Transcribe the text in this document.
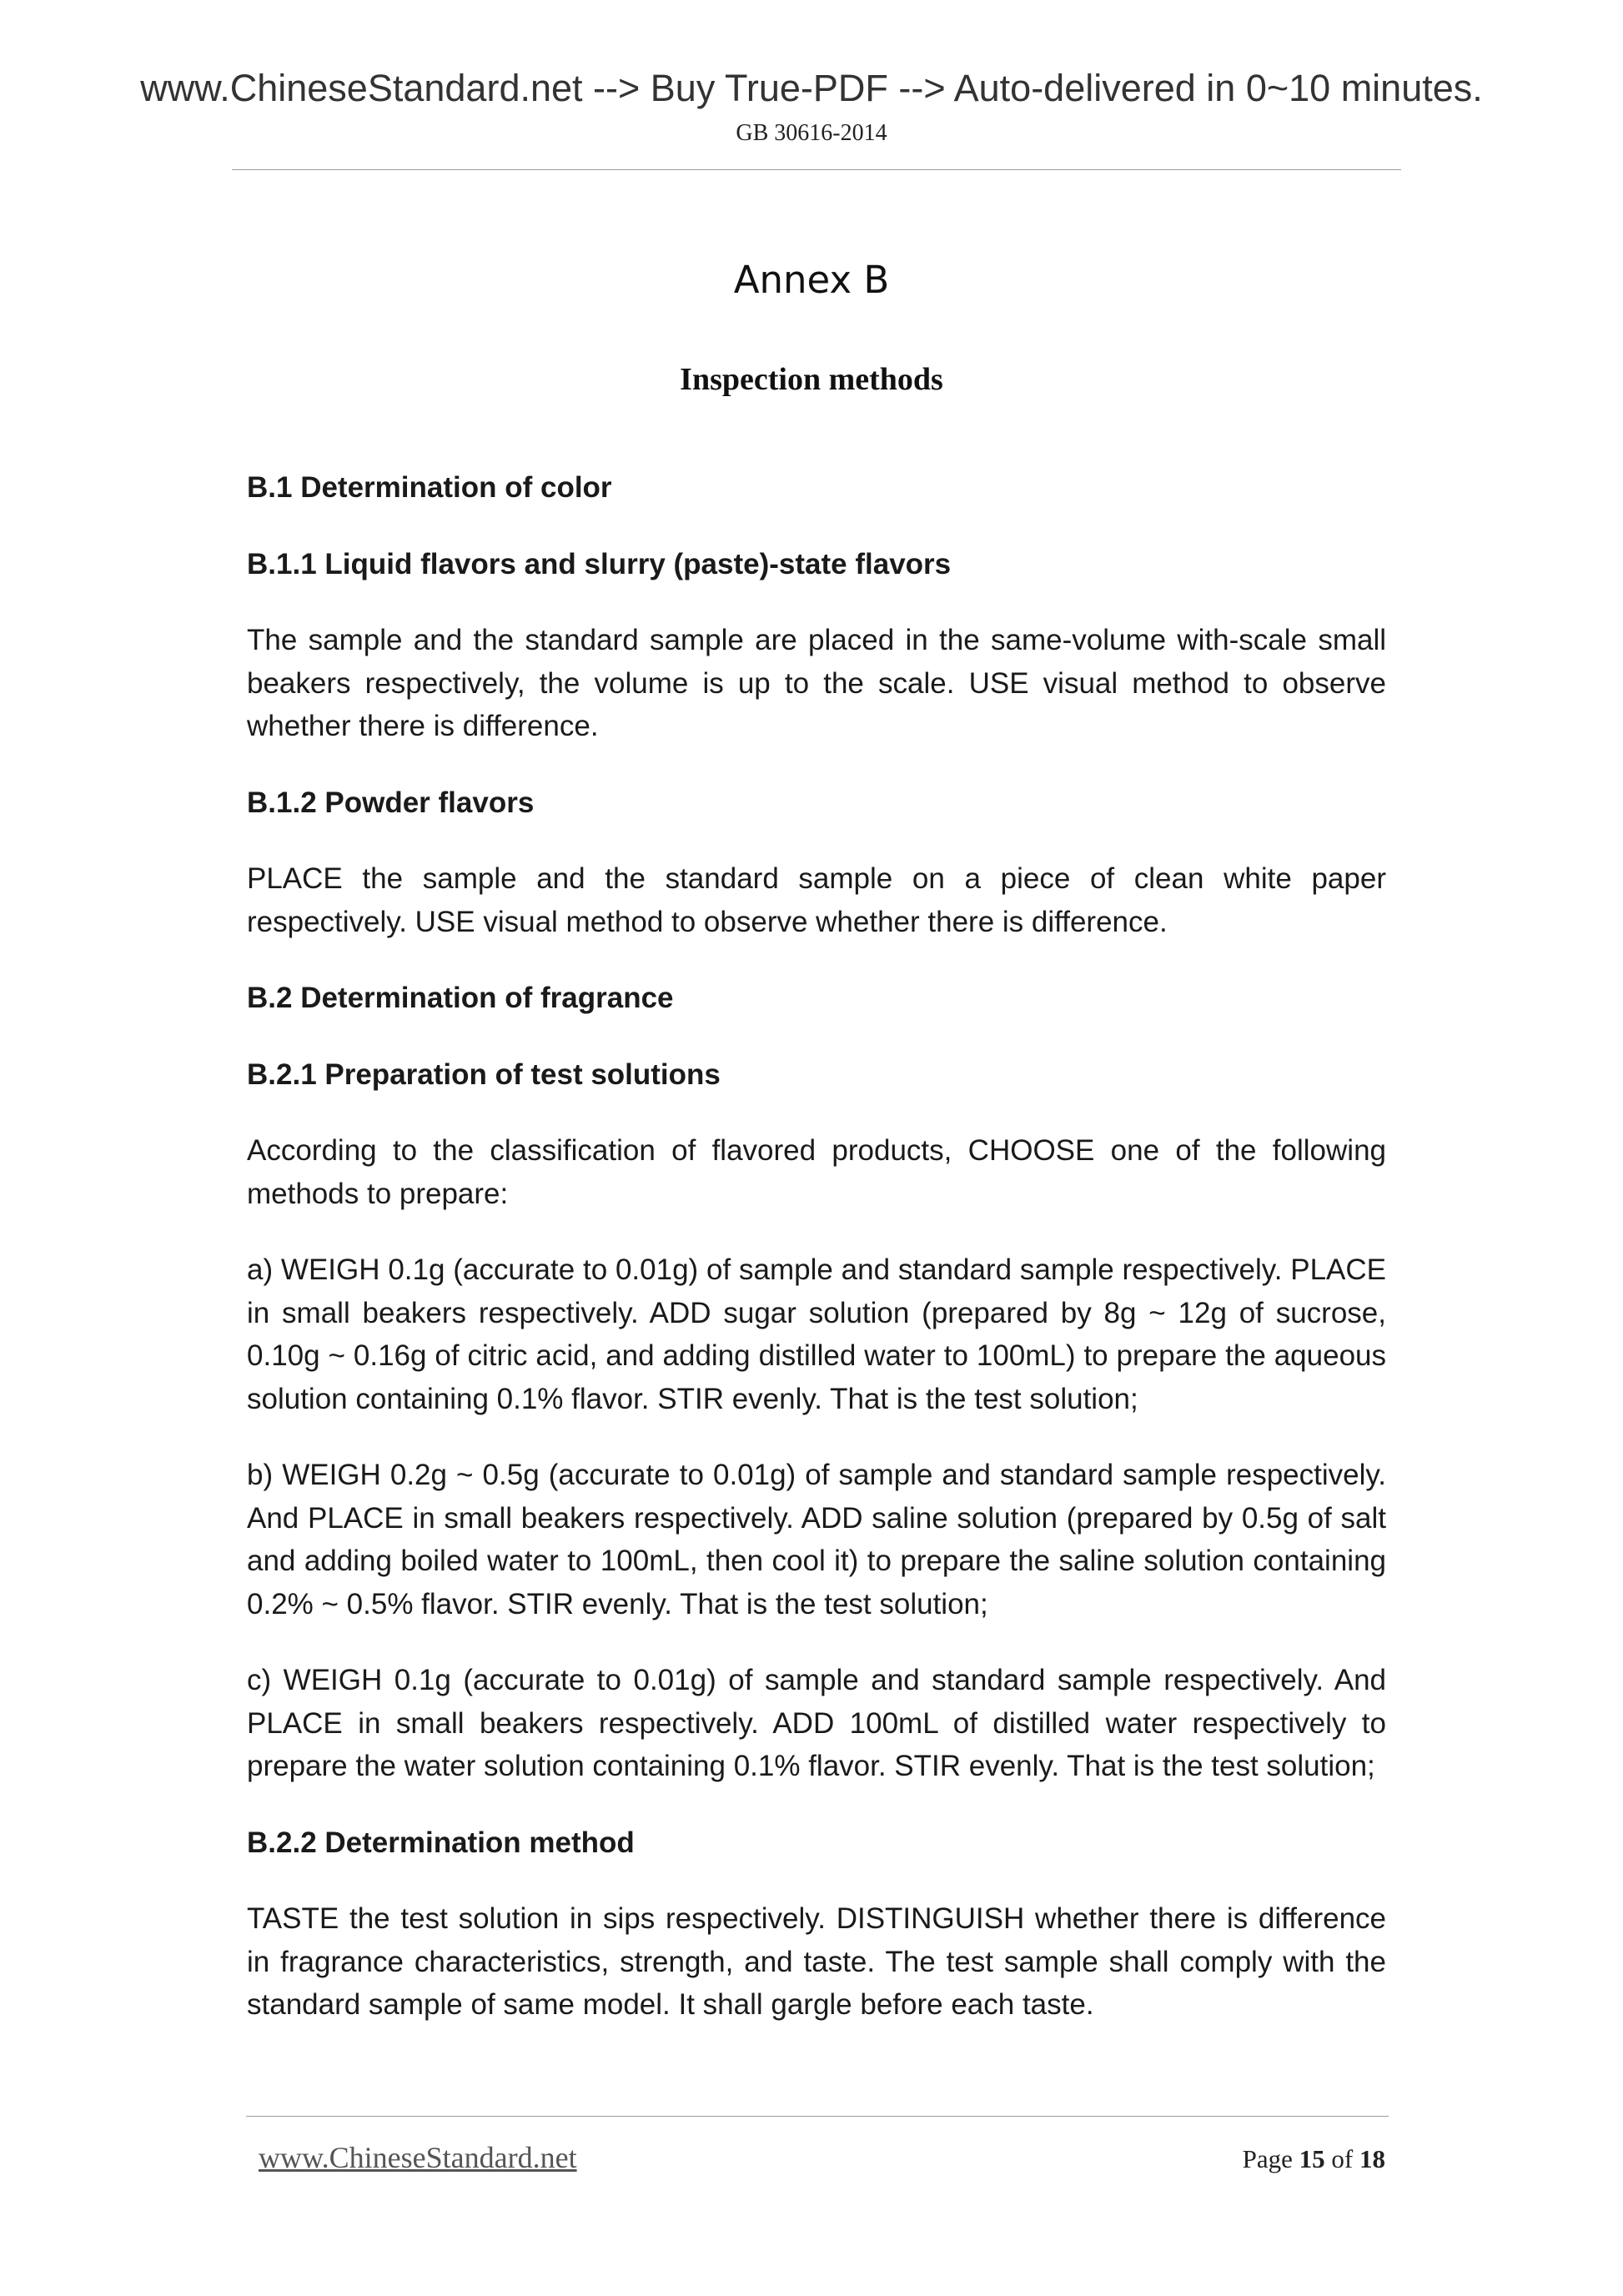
www.ChineseStandard.net --> Buy True-PDF --> Auto-delivered in 0~10 minutes.
GB 30616-2014
Annex B
Inspection methods
B.1 Determination of color
B.1.1 Liquid flavors and slurry (paste)-state flavors

The sample and the standard sample are placed in the same-volume with-scale small beakers respectively, the volume is up to the scale. USE visual method to observe whether there is difference.

B.1.2 Powder flavors

PLACE the sample and the standard sample on a piece of clean white paper respectively. USE visual method to observe whether there is difference.

B.2 Determination of fragrance
B.2.1 Preparation of test solutions

According to the classification of flavored products, CHOOSE one of the following methods to prepare:

a) WEIGH 0.1g (accurate to 0.01g) of sample and standard sample respectively. PLACE in small beakers respectively. ADD sugar solution (prepared by 8g ~ 12g of sucrose, 0.10g ~ 0.16g of citric acid, and adding distilled water to 100mL) to prepare the aqueous solution containing 0.1% flavor. STIR evenly. That is the test solution;

b) WEIGH 0.2g ~ 0.5g (accurate to 0.01g) of sample and standard sample respectively. And PLACE in small beakers respectively. ADD saline solution (prepared by 0.5g of salt and adding boiled water to 100mL, then cool it) to prepare the saline solution containing 0.2% ~ 0.5% flavor. STIR evenly. That is the test solution;

c) WEIGH 0.1g (accurate to 0.01g) of sample and standard sample respectively. And PLACE in small beakers respectively. ADD 100mL of distilled water respectively to prepare the water solution containing 0.1% flavor. STIR evenly. That is the test solution;

B.2.2 Determination method

TASTE the test solution in sips respectively. DISTINGUISH whether there is difference in fragrance characteristics, strength, and taste. The test sample shall comply with the standard sample of same model. It shall gargle before each taste.

www.ChineseStandard.net	Page 15 of 18
